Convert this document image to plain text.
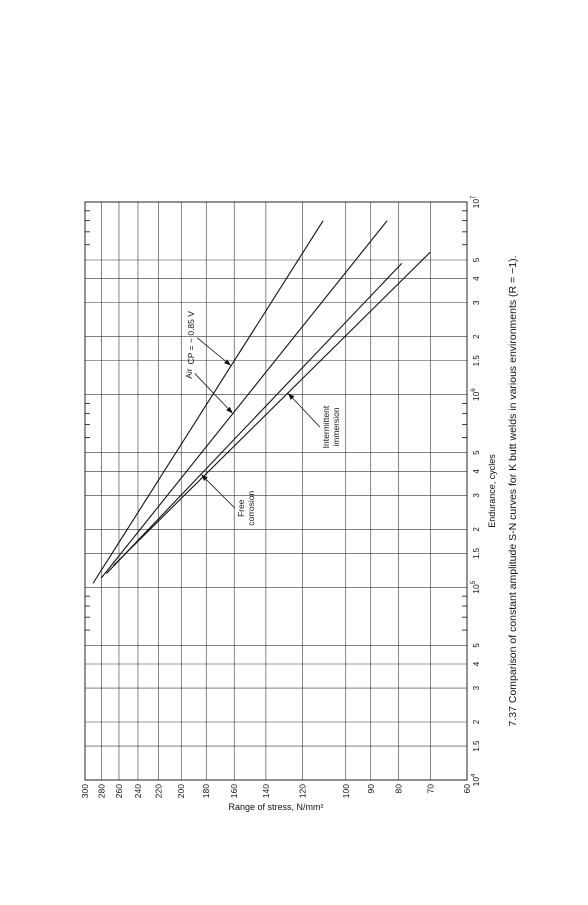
300 280 260 240 220 200 180 160	140	120	100 90 80	70	60
$10^4$
$10^5$
$10^6$
$10^7$
1.5
2
3
4
5
1.5
2
3
4
5
1.5
2
3
4
5
CP = − 0.85 V
Air
Free corrosion
Intermittent immersion
Endurance, cycles
Range of stress, N/mm²
7.37 Comparison of constant amplitude S-N curves for K butt welds in various environments (R = −1).
